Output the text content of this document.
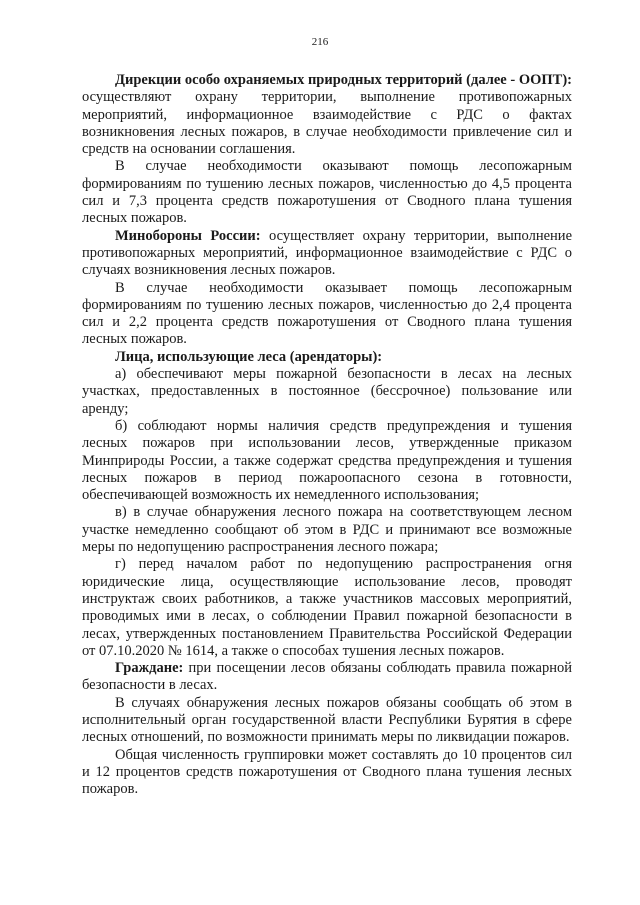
216

Дирекции особо охраняемых природных территорий (далее - ООПТ): осуществляют охрану территории, выполнение противопожарных мероприятий, информационное взаимодействие с РДС о фактах возникновения лесных пожаров, в случае необходимости привлечение сил и средств на основании соглашения.

В случае необходимости оказывают помощь лесопожарным формированиям по тушению лесных пожаров, численностью до 4,5 процента сил и 7,3 процента средств пожаротушения от Сводного плана тушения лесных пожаров.

Минобороны России: осуществляет охрану территории, выполнение противопожарных мероприятий, информационное взаимодействие с РДС о случаях возникновения лесных пожаров.

В случае необходимости оказывает помощь лесопожарным формированиям по тушению лесных пожаров, численностью до 2,4 процента сил и 2,2 процента средств пожаротушения от Сводного плана тушения лесных пожаров.

Лица, использующие леса (арендаторы):

а) обеспечивают меры пожарной безопасности в лесах на лесных участках, предоставленных в постоянное (бессрочное) пользование или аренду;

б) соблюдают нормы наличия средств предупреждения и тушения лесных пожаров при использовании лесов, утвержденные приказом Минприроды России, а также содержат средства предупреждения и тушения лесных пожаров в период пожароопасного сезона в готовности, обеспечивающей возможность их немедленного использования;

в) в случае обнаружения лесного пожара на соответствующем лесном участке немедленно сообщают об этом в РДС и принимают все возможные меры по недопущению распространения лесного пожара;

г) перед началом работ по недопущению распространения огня юридические лица, осуществляющие использование лесов, проводят инструктаж своих работников, а также участников массовых мероприятий, проводимых ими в лесах, о соблюдении Правил пожарной безопасности в лесах, утвержденных постановлением Правительства Российской Федерации от 07.10.2020 № 1614, а также о способах тушения лесных пожаров.

Граждане: при посещении лесов обязаны соблюдать правила пожарной безопасности в лесах.

В случаях обнаружения лесных пожаров обязаны сообщать об этом в исполнительный орган государственной власти Республики Бурятия в сфере лесных отношений, по возможности принимать меры по ликвидации пожаров.

Общая численность группировки может составлять до 10 процентов сил и 12 процентов средств пожаротушения от Сводного плана тушения лесных пожаров.
